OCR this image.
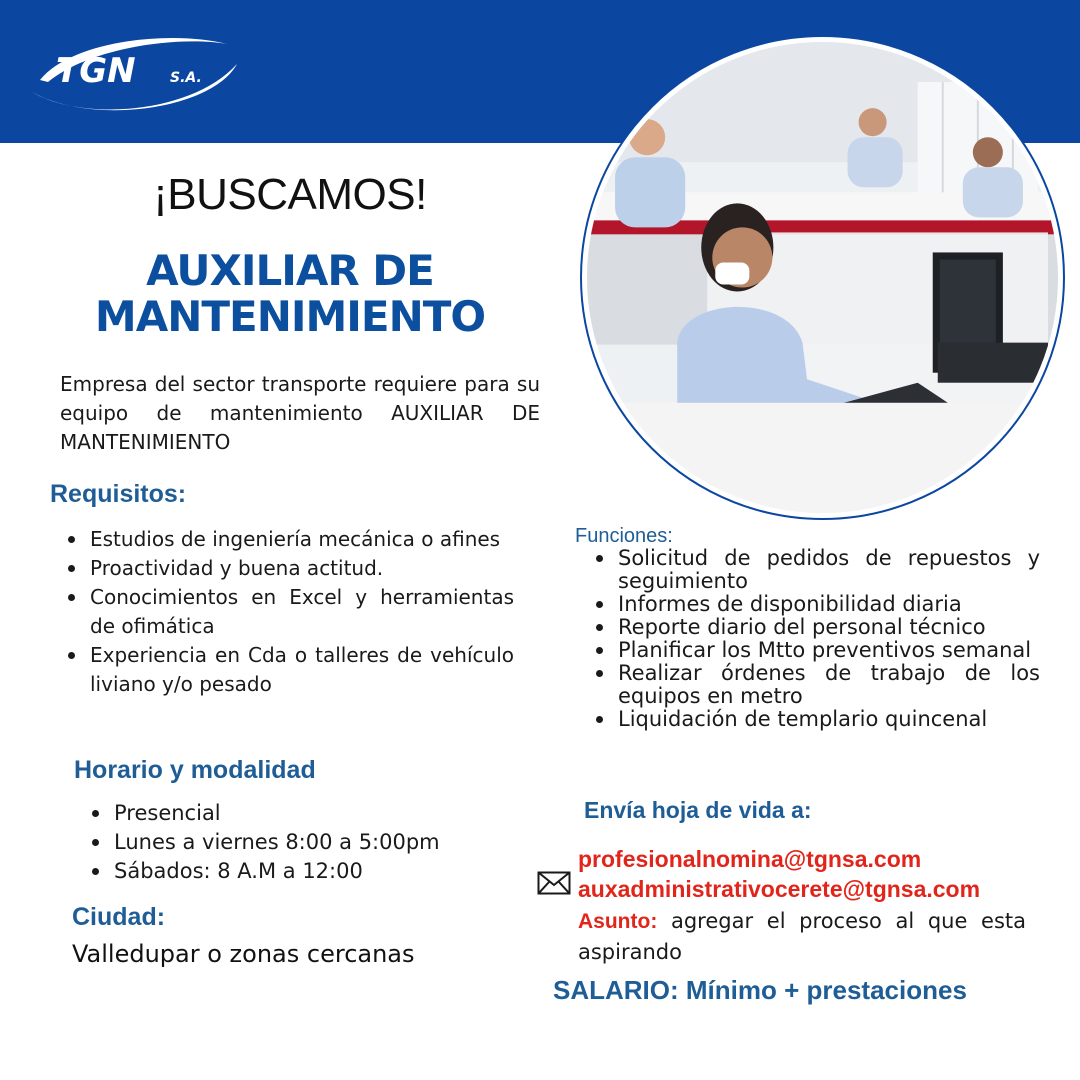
TGN S.A.
¡BUSCAMOS!
AUXILIAR DE
MANTENIMIENTO

Empresa del sector transporte requiere para su equipo de mantenimiento AUXILIAR DE MANTENIMIENTO

Requisitos:
Estudios de ingeniería mecánica o afines
Proactividad y buena actitud.
Conocimientos en Excel y herramientas de ofimática
Experiencia en Cda o talleres de vehículo liviano y/o pesado
Funciones:
Solicitud de pedidos de repuestos y seguimiento
Informes de disponibilidad diaria
Reporte diario del personal técnico
Planificar los Mtto preventivos semanal
Realizar órdenes de trabajo de los equipos en metro
Liquidación de templario quincenal
Horario y modalidad
Presencial
Lunes a viernes 8:00 a 5:00pm
Sábados: 8 A.M a 12:00
Ciudad:
Valledupar o zonas cercanas
Envía hoja de vida a:
profesionalnomina@tgnsa.com
auxadministrativocerete@tgnsa.com

Asunto: agregar el proceso al que esta aspirando

SALARIO: Mínimo + prestaciones
